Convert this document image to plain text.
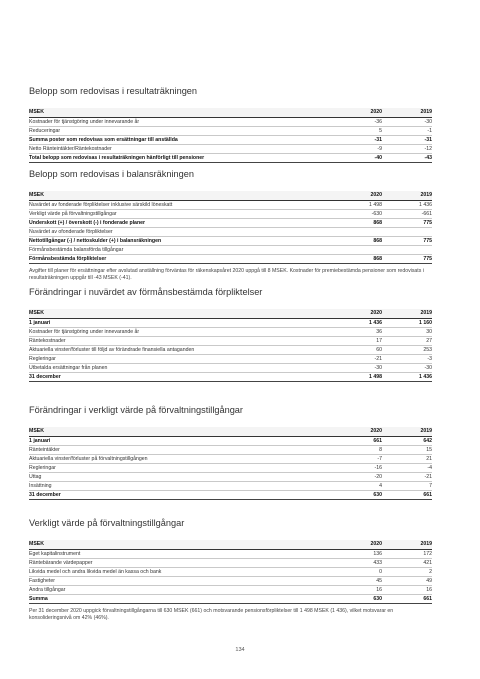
Belopp som redovisas i resultaträkningen
MSEK	2020	2019
Kostnader för tjänstgöring under innevarande år	-36	-30
Reduceringar	5	-1
Summa poster som redovisas som ersättningar till anställda	-31	-31
Netto Ränteintäkter/Räntekostnader	-9	-12
Total belopp som redovisas i resultaträkningen hänförligt till pensioner	-40	-43
Belopp som redovisas i balansräkningen
MSEK	2020	2019
Nuvärdet av fonderade förpliktelser inklusive särskild löneskatt	1 498	1 436
Verkligt värde på förvaltningstillgångar	-630	-661
Underskott (+) / överskott (-) i fonderade planer	868	775
Nuvärdet av ofonderade förpliktelser		
Nettotillgångar (-) / nettoskulder (+) i balansräkningen	868	775
Förmånsbestämda balansförda tillgångar		
Förmånsbestämda förpliktelser	868	775
Avgifter till planer för ersättningar efter avslutad anställning förväntas för räkenskapsåret 2020 uppgå till 8 MSEK. Kostnader för premiebestämda pensioner som redovisats i resultaträkningen uppgår till -43 MSEK (-41).
Förändringar i nuvärdet av förmånsbestämda förpliktelser
MSEK	2020	2019
1 januari	1 436	1 160
Kostnader för tjänstgöring under innevarande år	36	30
Räntekostnader	17	27
Aktuariella vinster/förluster till följd av förändrade finansiella antaganden	60	253
Regleringar	-21	-3
Utbetalda ersättningar från planen	-30	-30
31 december	1 498	1 436
Förändringar i verkligt värde på förvaltningstillgångar
MSEK	2020	2019
1 januari	661	642
Ränteintäkter	8	15
Aktuariella vinster/förluster på förvaltningstillgången	-7	21
Regleringar	-16	-4
Uttag	-20	-21
Insättning	4	7
31 december	630	661
Verkligt värde på förvaltningstillgångar
MSEK	2020	2019
Eget kapitalinstrument	136	172
Räntebärande värdepapper	433	421
Likvida medel och andra likvida medel än kassa och bank	0	2
Fastigheter	45	49
Andra tillgångar	16	16
Summa	630	661
Per 31 december 2020 uppgick förvaltningstillgångarna till 630 MSEK (661) och motsvarande pensionsförpliktelser till 1 498 MSEK (1 436), vilket motsvarar en konsolideringsnivå om 42% (46%).
134
